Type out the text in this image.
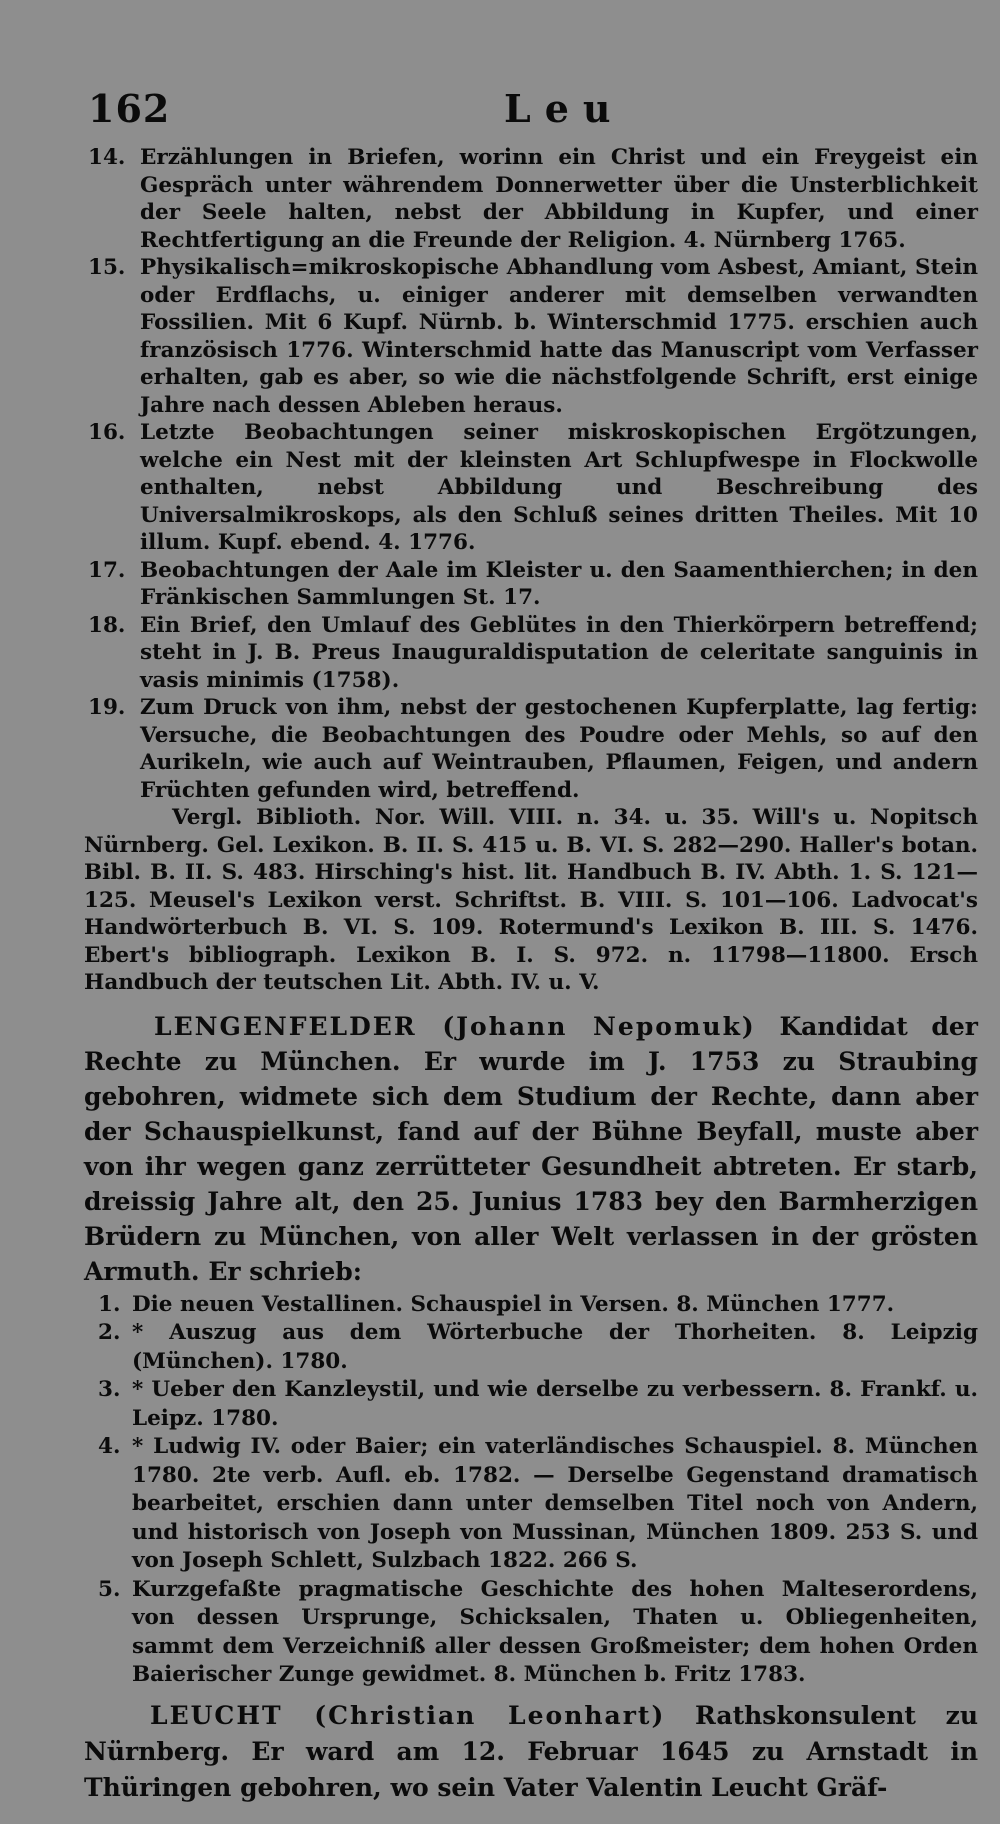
162	Leu
14. Erzählungen in Briefen, worinn ein Christ und ein Freygeist ein Gespräch unter währendem Donnerwetter über die Unsterblichkeit der Seele halten, nebst der Abbildung in Kupfer, und einer Rechtfertigung an die Freunde der Religion. 4. Nürnberg 1765.
15. Physikalisch=mikroskopische Abhandlung vom Asbest, Amiant, Stein oder Erdflachs, u. einiger anderer mit demselben verwandten Fossilien. Mit 6 Kupf. Nürnb. b. Winterschmid 1775. erschien auch französisch 1776. Winterschmid hatte das Manuscript vom Verfasser erhalten, gab es aber, so wie die nächstfolgende Schrift, erst einige Jahre nach dessen Ableben heraus.
16. Letzte Beobachtungen seiner miskroskopischen Ergötzungen, welche ein Nest mit der kleinsten Art Schlupfwespe in Flockwolle enthalten, nebst Abbildung und Beschreibung des Universalmikroskops, als den Schluß seines dritten Theiles. Mit 10 illum. Kupf. ebend. 4. 1776.
17. Beobachtungen der Aale im Kleister u. den Saamenthierchen; in den Fränkischen Sammlungen St. 17.
18. Ein Brief, den Umlauf des Geblütes in den Thierkörpern betreffend; steht in J. B. Preus Inauguraldisputation de celeritate sanguinis in vasis minimis (1758).
19. Zum Druck von ihm, nebst der gestochenen Kupferplatte, lag fertig: Versuche, die Beobachtungen des Poudre oder Mehls, so auf den Aurikeln, wie auch auf Weintrauben, Pflaumen, Feigen, und andern Früchten gefunden wird, betreffend.

Vergl. Biblioth. Nor. Will. VIII. n. 34. u. 35. Will's u. Nopitsch Nürnberg. Gel. Lexikon. B. II. S. 415 u. B. VI. S. 282—290. Haller's botan. Bibl. B. II. S. 483. Hirsching's hist. lit. Handbuch B. IV. Abth. 1. S. 121—125. Meusel's Lexikon verst. Schriftst. B. VIII. S. 101—106. Ladvocat's Handwörterbuch B. VI. S. 109. Rotermund's Lexikon B. III. S. 1476. Ebert's bibliograph. Lexikon B. I. S. 972. n. 11798—11800. Ersch Handbuch der teutschen Lit. Abth. IV. u. V.

LENGENFELDER (Johann Nepomuk) Kandidat der Rechte zu München. Er wurde im J. 1753 zu Straubing gebohren, widmete sich dem Studium der Rechte, dann aber der Schauspielkunst, fand auf der Bühne Beyfall, muste aber von ihr wegen ganz zerrütteter Gesundheit abtreten. Er starb, dreissig Jahre alt, den 25. Junius 1783 bey den Barmherzigen Brüdern zu München, von aller Welt verlassen in der grösten Armuth. Er schrieb:

1. Die neuen Vestallinen. Schauspiel in Versen. 8. München 1777.
2. * Auszug aus dem Wörterbuche der Thorheiten. 8. Leipzig (München). 1780.
3. * Ueber den Kanzleystil, und wie derselbe zu verbessern. 8. Frankf. u. Leipz. 1780.
4. * Ludwig IV. oder Baier; ein vaterländisches Schauspiel. 8. München 1780. 2te verb. Aufl. eb. 1782. — Derselbe Gegenstand dramatisch bearbeitet, erschien dann unter demselben Titel noch von Andern, und historisch von Joseph von Mussinan, München 1809. 253 S. und von Joseph Schlett, Sulzbach 1822. 266 S.
5. Kurzgefaßte pragmatische Geschichte des hohen Malteserordens, von dessen Ursprunge, Schicksalen, Thaten u. Obliegenheiten, sammt dem Verzeichniß aller dessen Großmeister; dem hohen Orden Baierischer Zunge gewidmet. 8. München b. Fritz 1783.

LEUCHT (Christian Leonhart) Rathskonsulent zu Nürnberg. Er ward am 12. Februar 1645 zu Arnstadt in Thüringen gebohren, wo sein Vater Valentin Leucht Gräf-
